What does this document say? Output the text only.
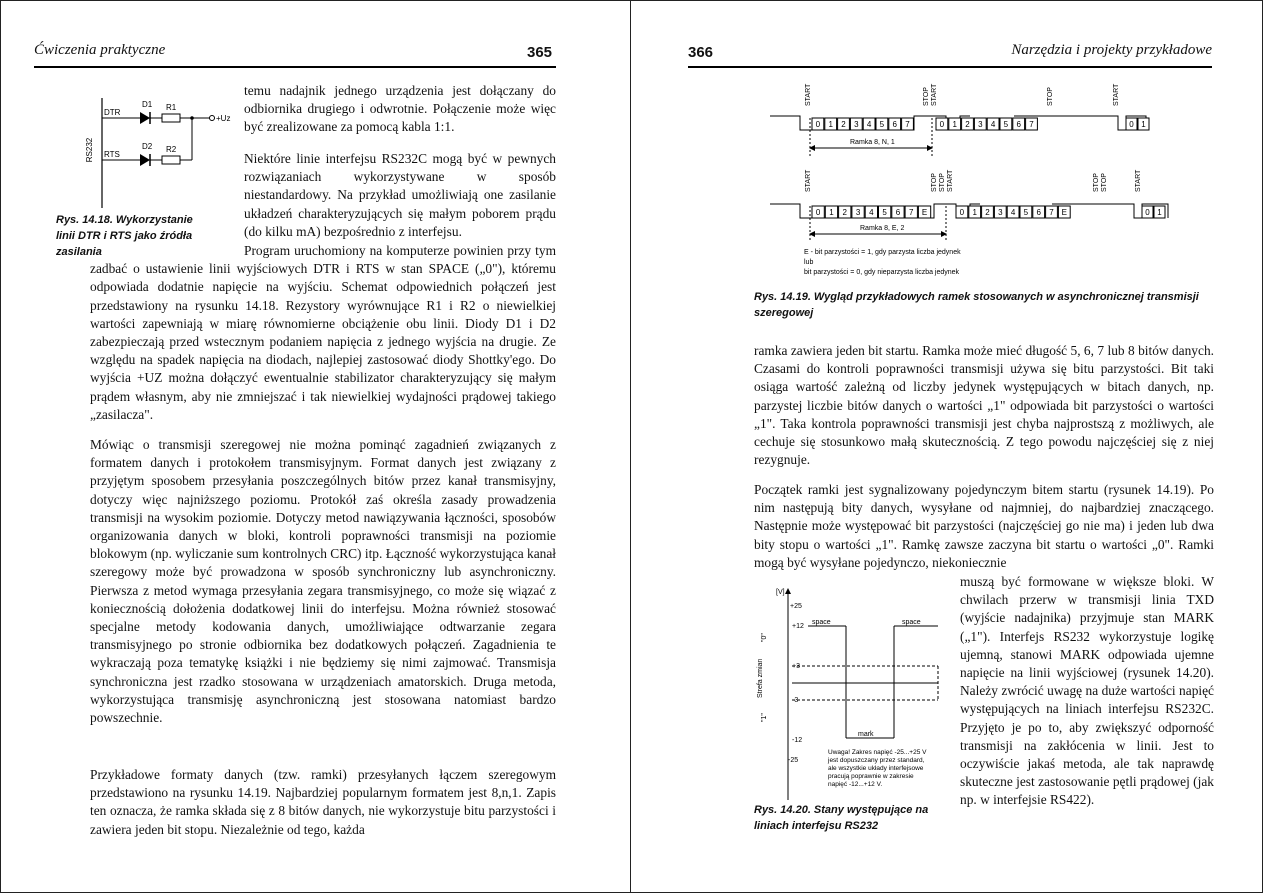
Ćwiczenia praktyczne	365
RS232
DTR
D1 R1
+Uz
RTS
D2 R2

Rys. 14.18. Wykorzystanie linii DTR i RTS jako źródła zasilania

temu nadajnik jednego urządzenia jest dołączany do odbiornika drugiego i odwrotnie. Połączenie może więc być zrealizowane za pomocą kabla 1:1.

Niektóre linie interfejsu RS232C mogą być w pewnych rozwiązaniach wykorzystywane w sposób niestandardowy. Na przykład umożliwiają one zasilanie układzeń charakteryzujących się małym poborem prądu (do kilku mA) bezpośrednio z interfejsu.

Program uruchomiony na komputerze powinien przy tym zadbać o ustawienie linii wyjściowych DTR i RTS w stan SPACE („0"), któremu odpowiada dodatnie napięcie na wyjściu. Schemat odpowiednich połączeń jest przedstawiony na rysunku 14.18. Rezystory wyrównujące R1 i R2 o niewielkiej wartości zapewniają w miarę równomierne obciążenie obu linii. Diody D1 i D2 zabezpieczają przed wstecznym podaniem napięcia z jednego wyjścia na drugie. Ze względu na spadek napięcia na diodach, najlepiej zastosować diody Shottky'ego. Do wyjścia +UZ można dołączyć ewentualnie stabilizator charakteryzujący się małym prądem własnym, aby nie zmniejszać i tak niewielkiej wydajności prądowej takiego „zasilacza".

Mówiąc o transmisji szeregowej nie można pominąć zagadnień związanych z formatem danych i protokołem transmisyjnym. Format danych jest związany z przyjętym sposobem przesyłania poszczególnych bitów przez kanał transmisyjny, dotyczy więc najniższego poziomu. Protokół zaś określa zasady prowadzenia transmisji na wysokim poziomie. Dotyczy metod nawiązywania łączności, sposobów organizowania danych w bloki, kontroli poprawności transmisji na poziomie blokowym (np. wyliczanie sum kontrolnych CRC) itp. Łączność wykorzystująca kanał szeregowy może być prowadzona w sposób synchroniczny lub asynchroniczny. Pierwsza z metod wymaga przesyłania zegara transmisyjnego, co może się wiązać z koniecznością dołożenia dodatkowej linii do interfejsu. Można również stosować specjalne metody kodowania danych, umożliwiające odtwarzanie zegara transmisyjnego po stronie odbiornika bez dodatkowych połączeń. Zagadnienia te wykraczają poza tematykę książki i nie będziemy się nimi zajmować. Transmisja synchroniczna jest rzadko stosowana w urządzeniach amatorskich. Druga metoda, wykorzystująca transmisję asynchroniczną jest stosowana natomiast bardzo powszechnie.

Przykładowe formaty danych (tzw. ramki) przesyłanych łączem szeregowym przedstawiono na rysunku 14.19. Najbardziej popularnym formatem jest 8,n,1. Zapis ten oznacza, że ramka składa się z 8 bitów danych, nie wykorzystuje bitu parzystości i zawiera jeden bit stopu. Niezależnie od tego, każda

366	Narzędzia i projekty przykładowe
0 1 2 3 4 5 6 7	0 1 2 3 4 5 6 7	0 1
START	STOP START	STOP	START
Ramka 8, N, 1
0 1 2 3 4 5 6 7 E	0 1 2 3 4 5 6 7 E	0 1
START	STOP STOP START	STOP STOP	START
Ramka 8, E, 2
E - bit parzystości = 1, gdy parzysta liczba jedynek
lub
bit parzystości = 0, gdy nieparzysta liczba jedynek

Rys. 14.19. Wygląd przykładowych ramek stosowanych w asynchronicznej transmisji szeregowej

ramka zawiera jeden bit startu. Ramka może mieć długość 5, 6, 7 lub 8 bitów danych. Czasami do kontroli poprawności transmisji używa się bitu parzystości. Bit taki osiąga wartość zależną od liczby jedynek występujących w bitach danych, np. parzystej liczbie bitów danych o wartości „1" odpowiada bit parzystości o wartości „1". Taka kontrola poprawności transmisji jest chyba najprostszą z możliwych, ale cechuje się stosunkowo małą skutecznością. Z tego powodu najczęściej się z niej rezygnuje.

Początek ramki jest sygnalizowany pojedynczym bitem startu (rysunek 14.19). Po nim następują bity danych, wysyłane od najmniej, do najbardziej znaczącego. Następnie może występować bit parzystości (najczęściej go nie ma) i jeden lub dwa bity stopu o wartości „1". Ramkę zawsze zaczyna bit startu o wartości „0". Ramki mogą być wysyłane pojedynczo, niekoniecznie

muszą być formowane w większe bloki. W chwilach przerw w transmisji linia TXD (wyjście nadajnika) przyjmuje stan MARK („1"). Interfejs RS232 wykorzystuje logikę ujemną, stanowi MARK odpowiada ujemne napięcie na linii wyjściowej (rysunek 14.20). Należy zwrócić uwagę na duże wartości napięć występujących na liniach interfejsu RS232C. Przyjęto je po to, aby zwiększyć odporność transmisji na zakłócenia w linii. Jest to oczywiście jakaś metoda, ale tak naprawdę skuteczne jest zastosowanie pętli prądowej (jak np. w interfejsie RS422).

[V]
+25
+12
+3
-3
-12
-25
space	space
mark
"0"
"1"
Strefa zmian
Uwaga! Zakres napięć -25...+25 V
jest dopuszczany przez standard,
ale wszystkie układy interfejsowe
pracują poprawnie w zakresie
napięć -12...+12 V.

Rys. 14.20. Stany występujące na liniach interfejsu RS232
